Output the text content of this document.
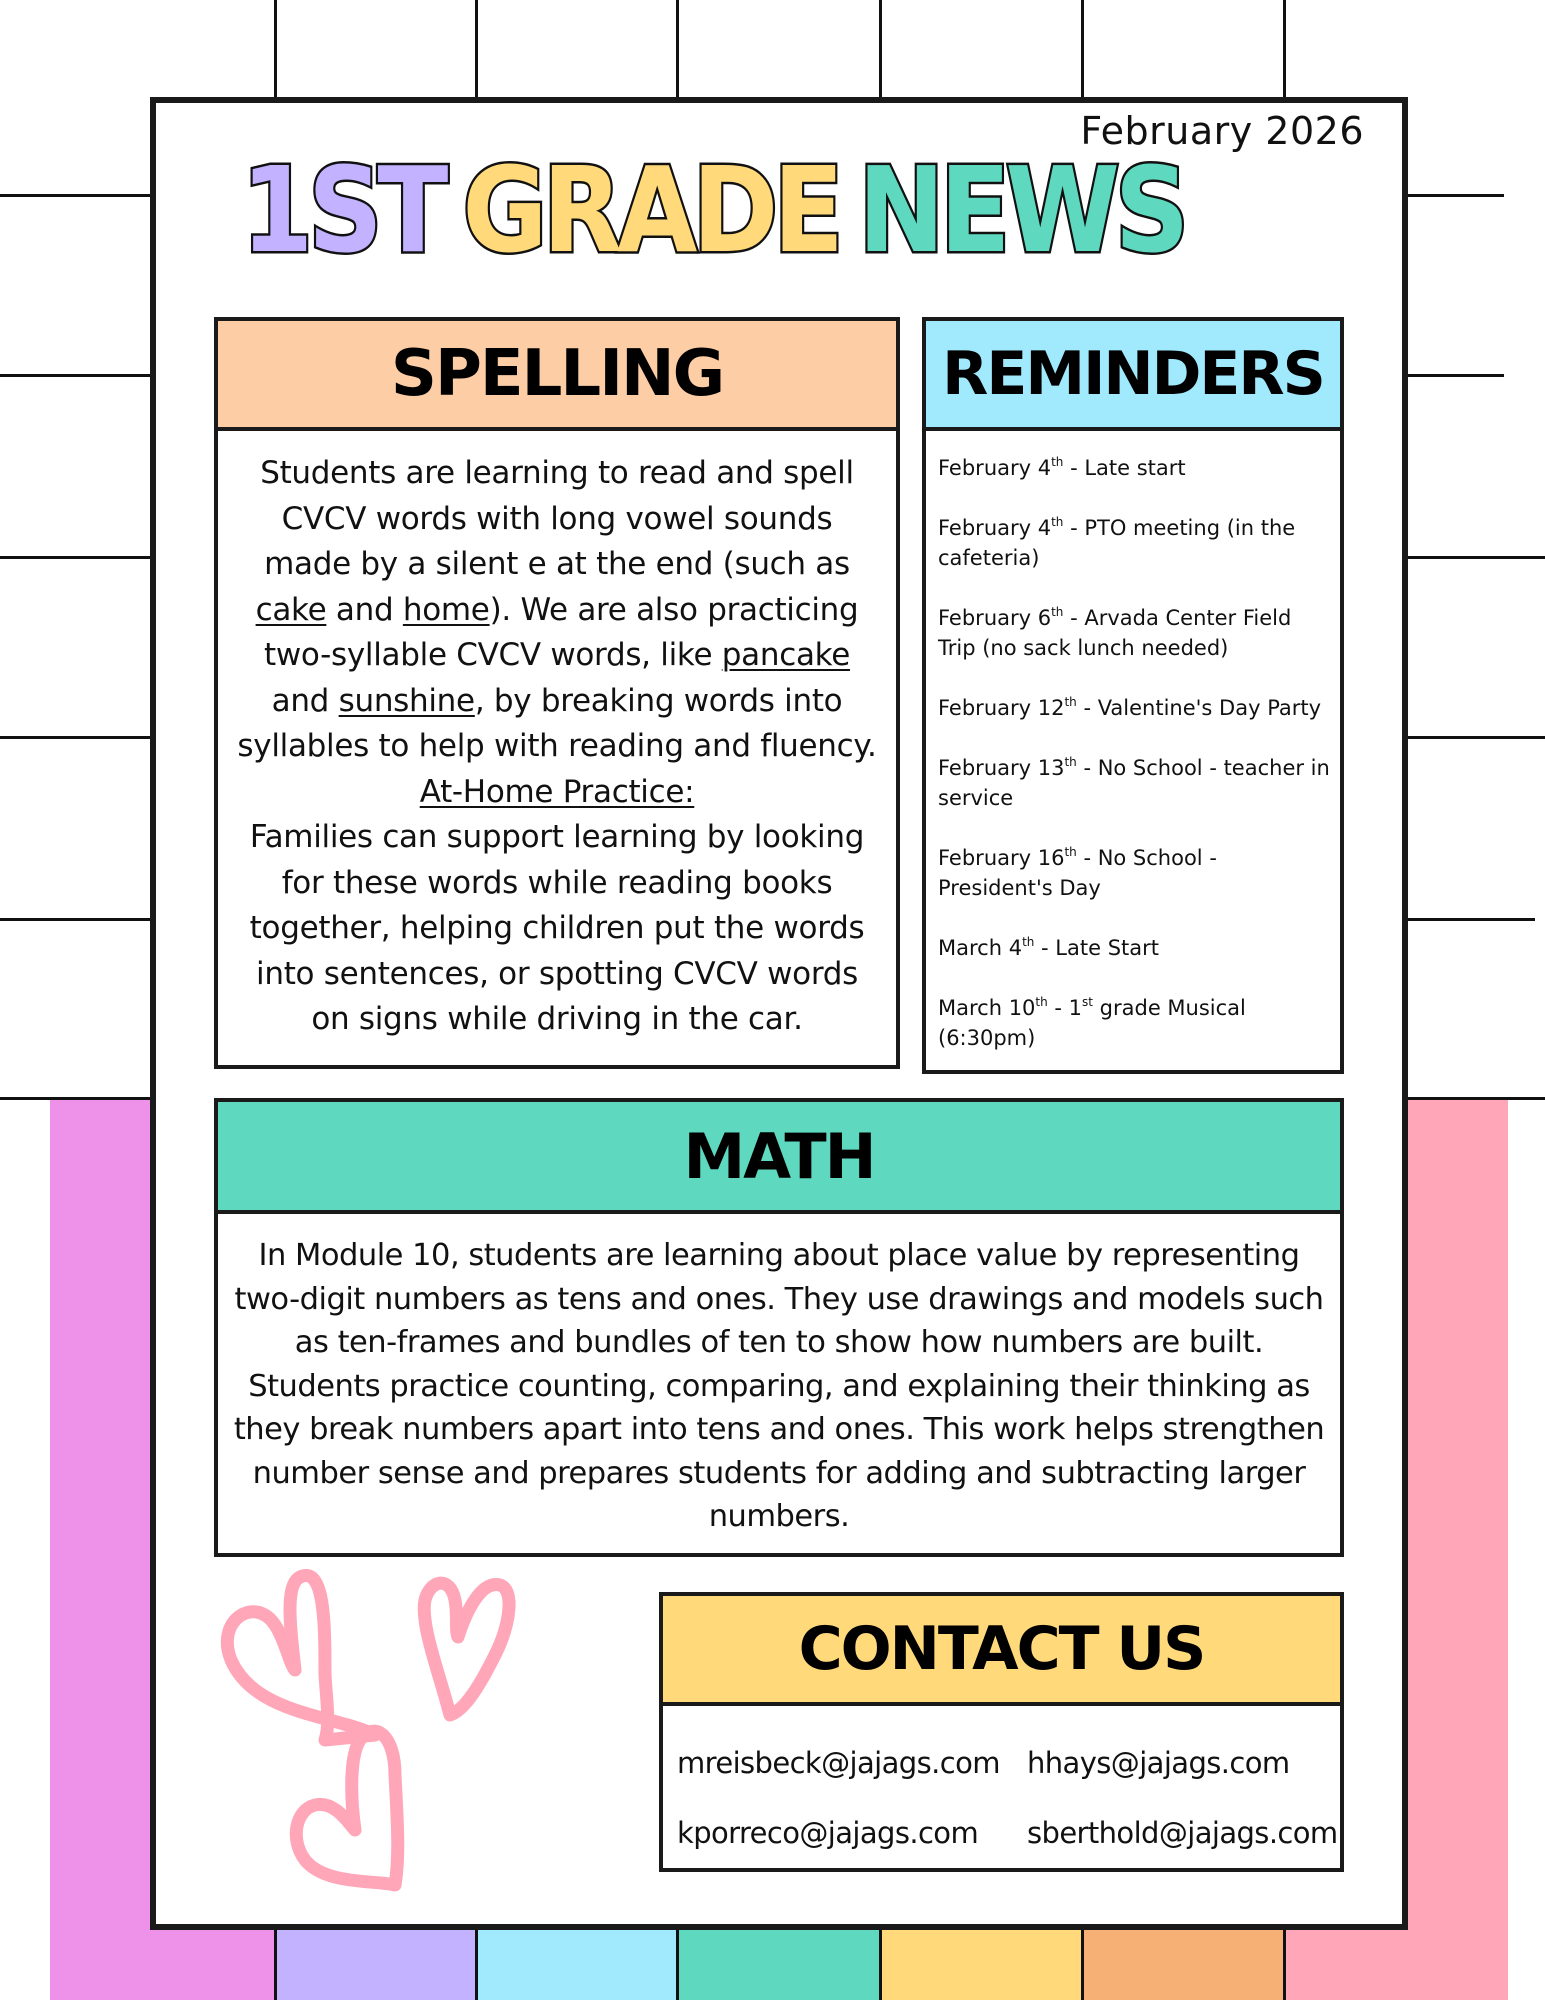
February 2026
1ST GRADE NEWS
SPELLING

Students are learning to read and spell CVCV words with long vowel sounds made by a silent e at the end (such as cake and home). We are also practicing two-syllable CVCV words, like pancake and sunshine, by breaking words into syllables to help with reading and fluency.

At-Home Practice:

Families can support learning by looking for these words while reading books together, helping children put the words into sentences, or spotting CVCV words on signs while driving in the car.

REMINDERS
February 4th - Late start
February 4th - PTO meeting (in the cafeteria)
February 6th - Arvada Center Field Trip (no sack lunch needed)
February 12th - Valentine's Day Party
February 13th - No School - teacher in service
February 16th - No School - President's Day
March 4th - Late Start
March 10th - 1st grade Musical (6:30pm)
MATH

In Module 10, students are learning about place value by representing two-digit numbers as tens and ones. They use drawings and models such as ten-frames and bundles of ten to show how numbers are built. Students practice counting, comparing, and explaining their thinking as they break numbers apart into tens and ones. This work helps strengthen number sense and prepares students for adding and subtracting larger numbers.

CONTACT US
mreisbeck@jajags.com hhays@jajags.com
kporreco@jajags.com	sberthold@jajags.com
